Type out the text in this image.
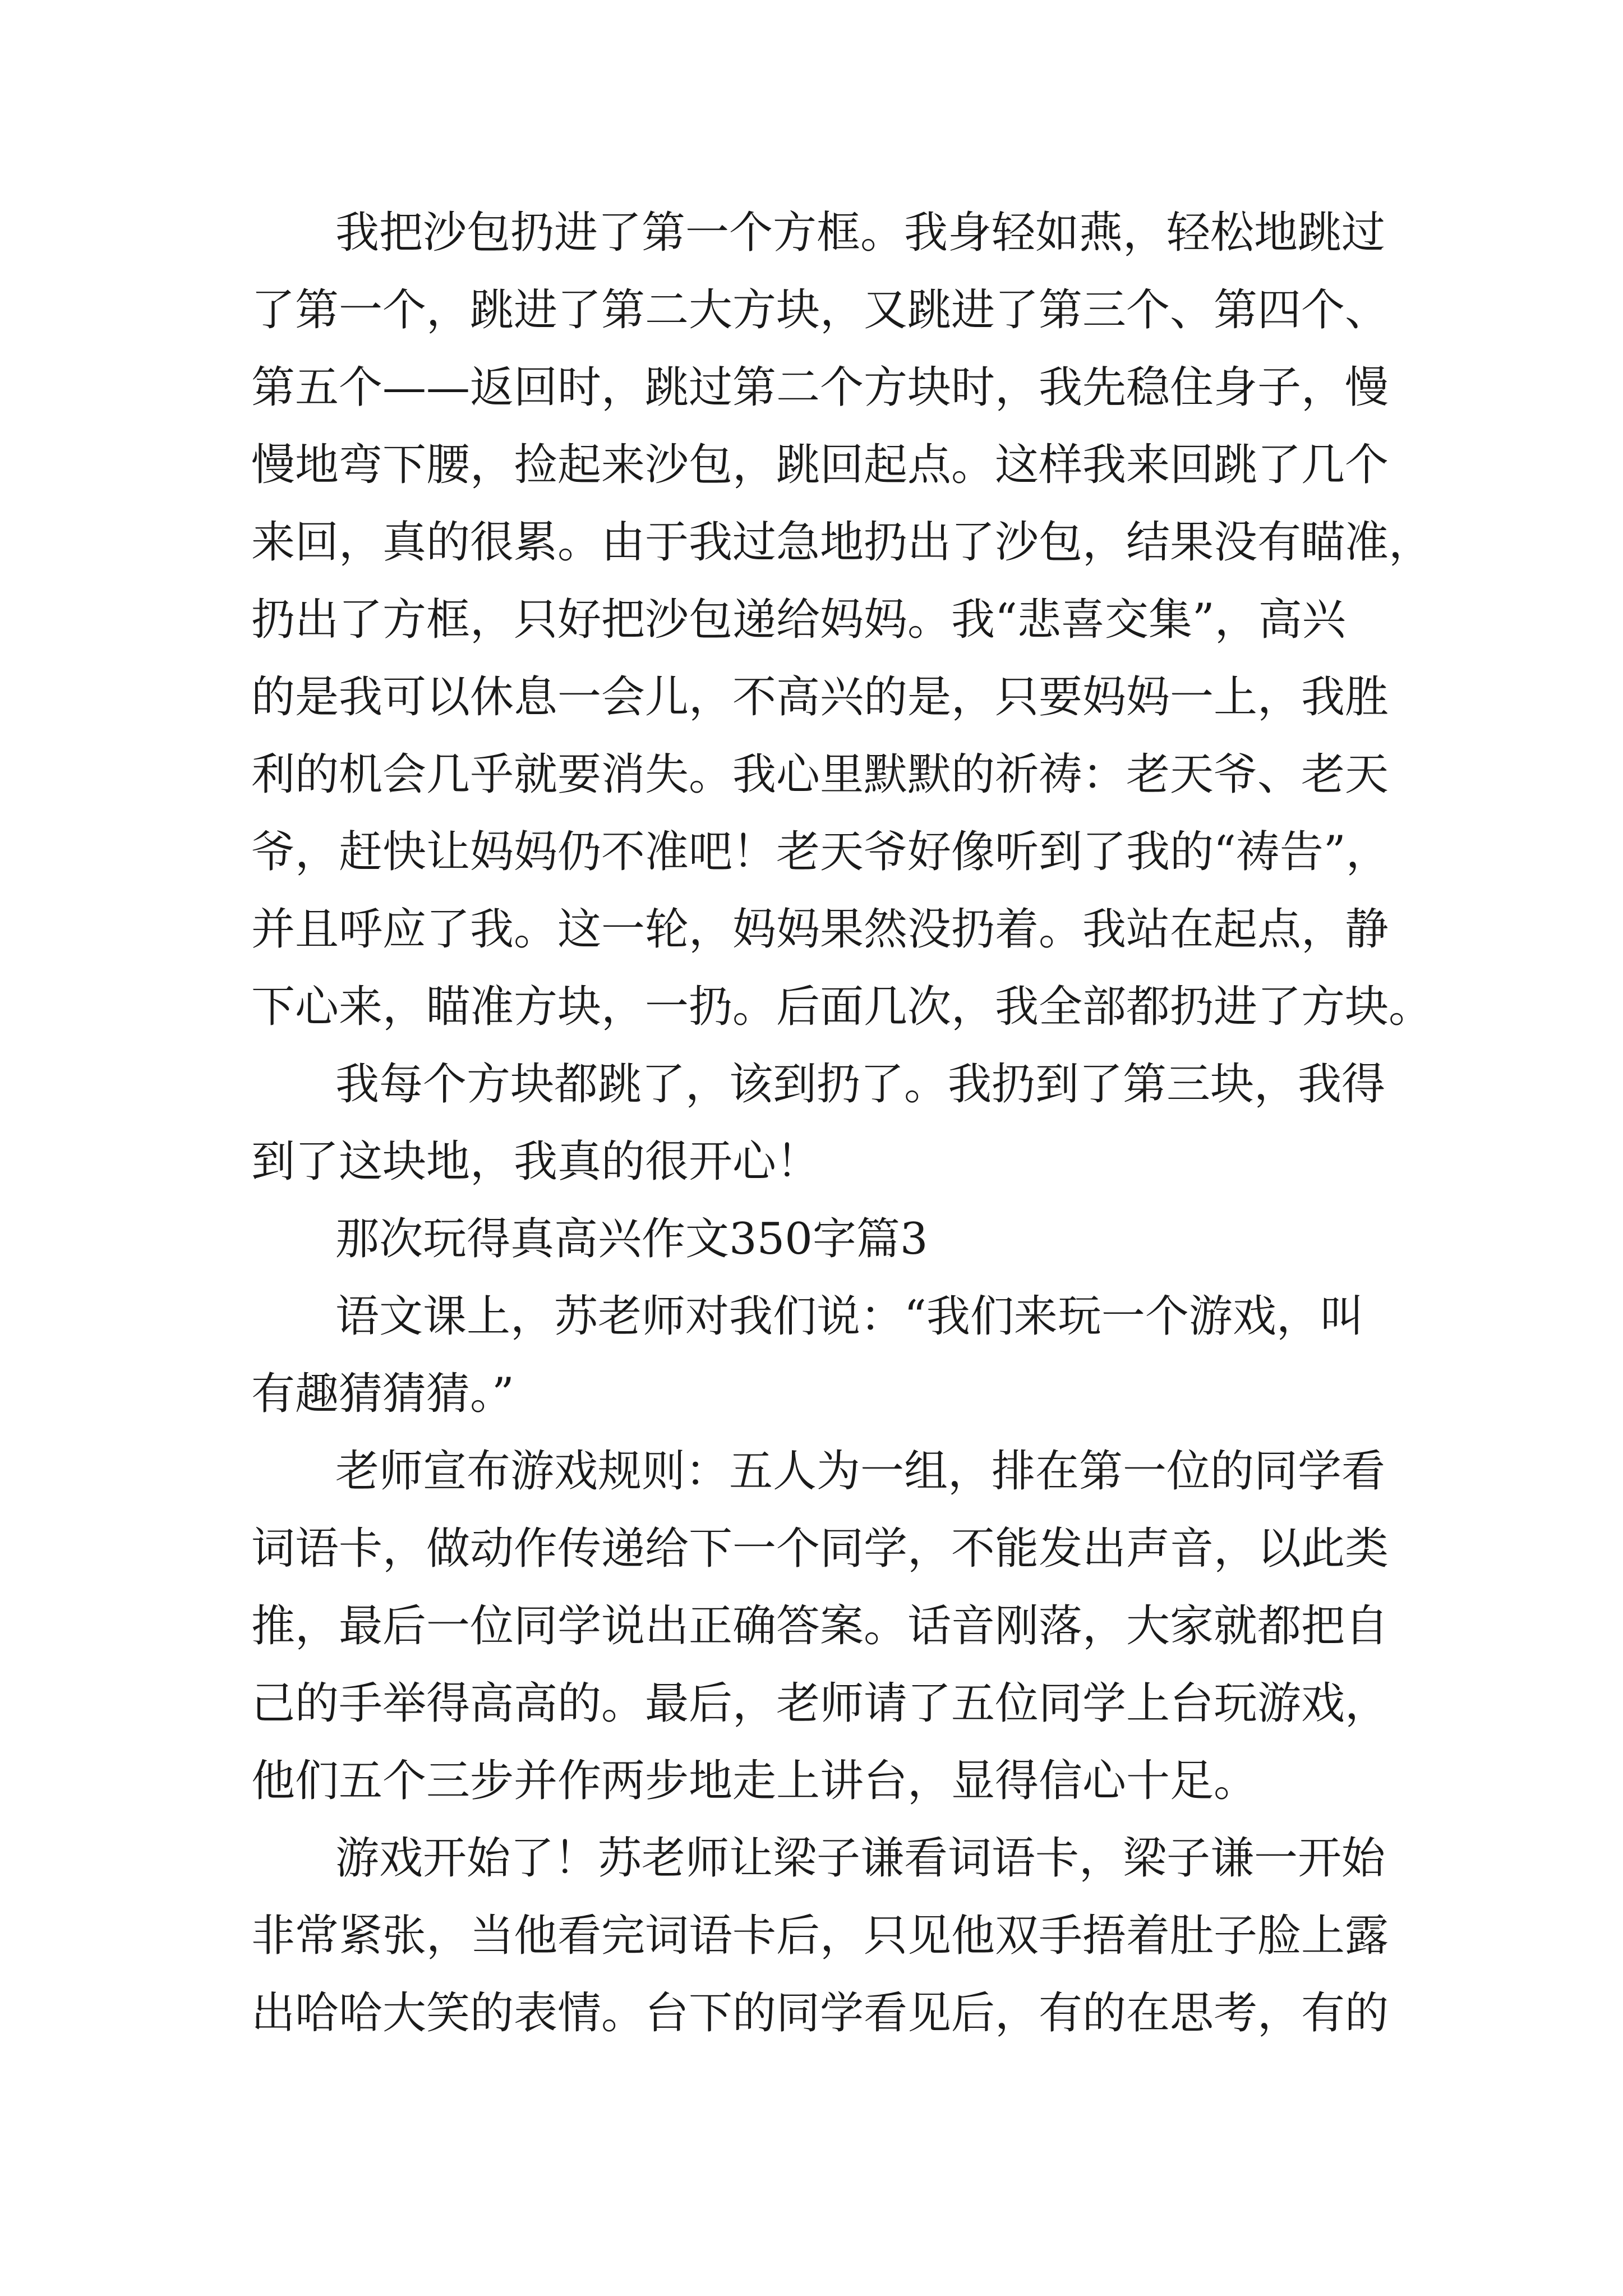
我把沙包扔进了第一个方框。我身轻如燕，轻松地跳过
了第一个，跳进了第二大方块，又跳进了第三个、第四个、
第五个——返回时，跳过第二个方块时，我先稳住身子，慢
慢地弯下腰，捡起来沙包，跳回起点。这样我来回跳了几个
来回，真的很累。由于我过急地扔出了沙包，结果没有瞄准，
扔出了方框，只好把沙包递给妈妈。我“悲喜交集”，高兴
的是我可以休息一会儿，不高兴的是，只要妈妈一上，我胜
利的机会几乎就要消失。我心里默默的祈祷：老天爷、老天
爷，赶快让妈妈仍不准吧！老天爷好像听到了我的“祷告”，
并且呼应了我。这一轮，妈妈果然没扔着。我站在起点，静
下心来，瞄准方块，一扔。后面几次，我全部都扔进了方块。
我每个方块都跳了，该到扔了。我扔到了第三块，我得
到了这块地，我真的很开心！
那次玩得真高兴作文350字篇3
语文课上，苏老师对我们说：“我们来玩一个游戏，叫
有趣猜猜猜。”
老师宣布游戏规则：五人为一组，排在第一位的同学看
词语卡，做动作传递给下一个同学，不能发出声音，以此类
推，最后一位同学说出正确答案。话音刚落，大家就都把自
己的手举得高高的。最后，老师请了五位同学上台玩游戏，
他们五个三步并作两步地走上讲台，显得信心十足。
游戏开始了！苏老师让梁子谦看词语卡，梁子谦一开始
非常紧张，当他看完词语卡后，只见他双手捂着肚子脸上露
出哈哈大笑的表情。台下的同学看见后，有的在思考，有的
